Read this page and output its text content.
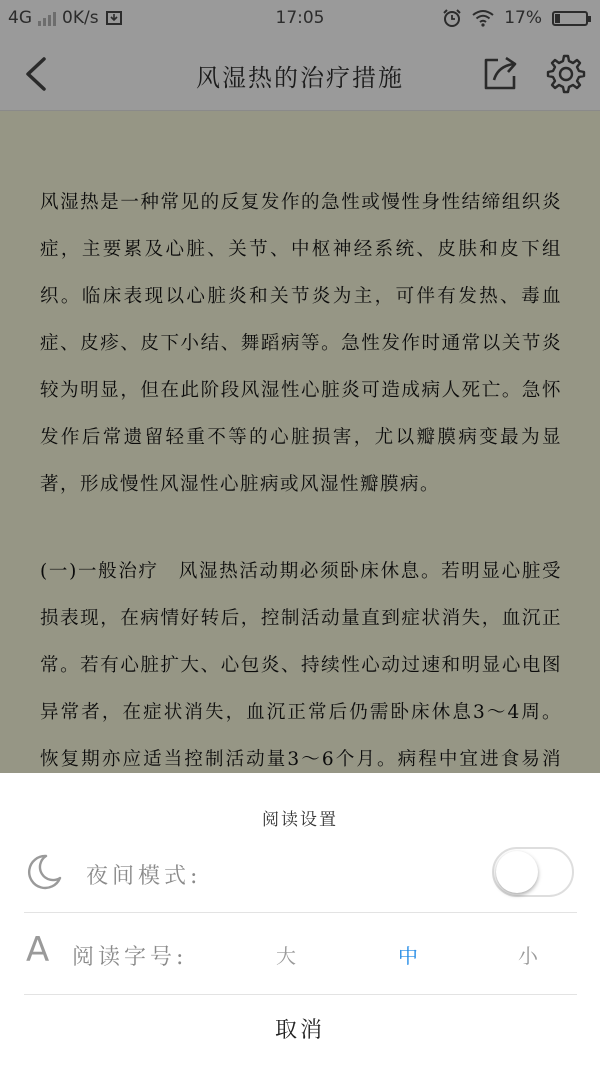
4G 0K/s	17:05	17%
风湿热的治疗措施

风湿热是一种常见的反复发作的急性或慢性身性结缔组织炎症，主要累及心脏、关节、中枢神经系统、皮肤和皮下组织。临床表现以心脏炎和关节炎为主，可伴有发热、毒血症、皮疹、皮下小结、舞蹈病等。急性发作时通常以关节炎较为明显，但在此阶段风湿性心脏炎可造成病人死亡。急怀发作后常遗留轻重不等的心脏损害，尤以瓣膜病变最为显著，形成慢性风湿性心脏病或风湿性瓣膜病。

(一)一般治疗　风湿热活动期必须卧床休息。若明显心脏受损表现，在病情好转后，控制活动量直到症状消失，血沉正常。若有心脏扩大、心包炎、持续性心动过速和明显心电图异常者，在症状消失，血沉正常后仍需卧床休息3～4周。恢复期亦应适当控制活动量3～6个月。病程中宜进食易消

阅读设置
夜间模式:
A 阅读字号:	大	中	小
取消
